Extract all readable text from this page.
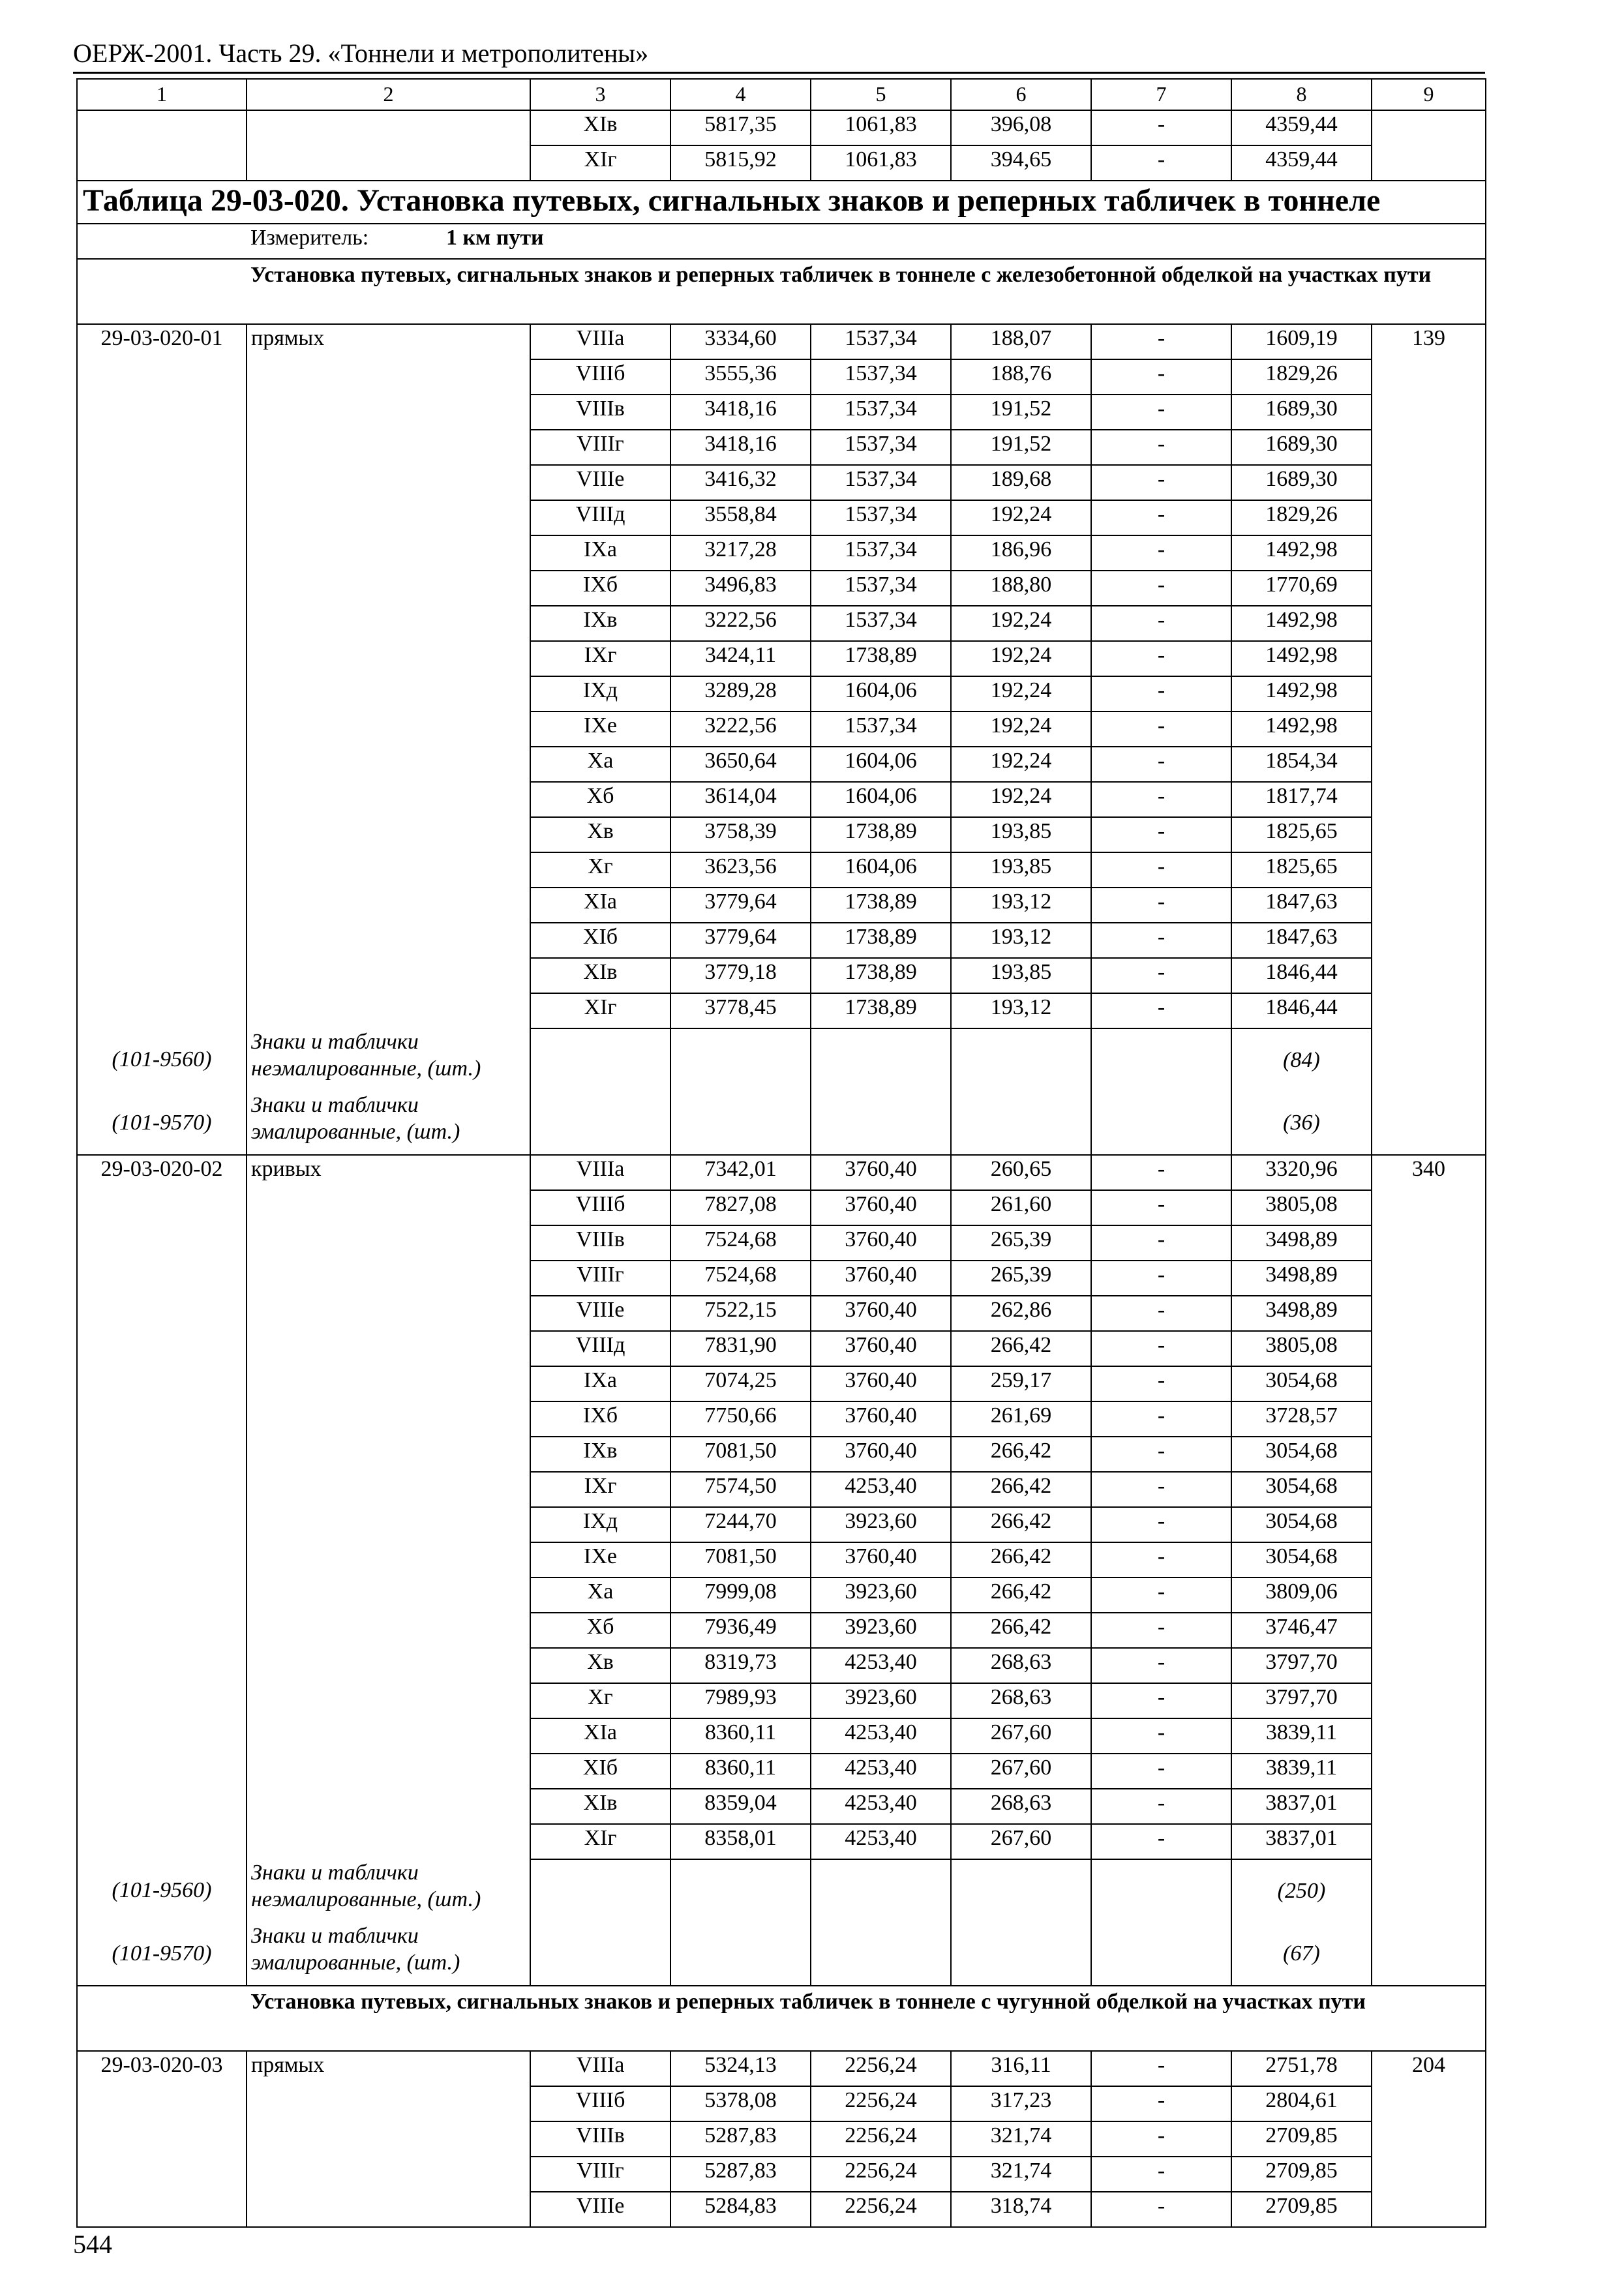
ОЕРЖ-2001. Часть 29. «Тоннели и метрополитены»
1	2	3	4	5	6	7	8	9
		XIв	5817,35	1061,83	396,08	-	4359,44	
		XIг	5815,92	1061,83	394,65	-	4359,44	
Таблица 29-03-020. Установка путевых, сигнальных знаков и реперных табличек в тоннеле								
	Измеритель: 1 км пути							
	Установка путевых, сигнальных знаков и реперных табличек в тоннеле с железобетонной обделкой на участках пути							
29-03-020-01	прямых	VIIIа	3334,60	1537,34	188,07	-	1609,19	139
		VIIIб	3555,36	1537,34	188,76	-	1829,26	
		VIIIв	3418,16	1537,34	191,52	-	1689,30	
		VIIIг	3418,16	1537,34	191,52	-	1689,30	
		VIIIе	3416,32	1537,34	189,68	-	1689,30	
		VIIIд	3558,84	1537,34	192,24	-	1829,26	
		IXа	3217,28	1537,34	186,96	-	1492,98	
		IXб	3496,83	1537,34	188,80	-	1770,69	
		IXв	3222,56	1537,34	192,24	-	1492,98	
		IXг	3424,11	1738,89	192,24	-	1492,98	
		IXд	3289,28	1604,06	192,24	-	1492,98	
		IXе	3222,56	1537,34	192,24	-	1492,98	
		Xа	3650,64	1604,06	192,24	-	1854,34	
		Xб	3614,04	1604,06	192,24	-	1817,74	
		Xв	3758,39	1738,89	193,85	-	1825,65	
		Xг	3623,56	1604,06	193,85	-	1825,65	
		XIа	3779,64	1738,89	193,12	-	1847,63	
		XIб	3779,64	1738,89	193,12	-	1847,63	
		XIв	3779,18	1738,89	193,85	-	1846,44	
		XIг	3778,45	1738,89	193,12	-	1846,44	
(101-9560)	Знаки и таблички неэмалированные, (шт.)						(84)	
(101-9570)	Знаки и таблички эмалированные, (шт.)						(36)	
29-03-020-02	кривых	VIIIа	7342,01	3760,40	260,65	-	3320,96	340
		VIIIб	7827,08	3760,40	261,60	-	3805,08	
		VIIIв	7524,68	3760,40	265,39	-	3498,89	
		VIIIг	7524,68	3760,40	265,39	-	3498,89	
		VIIIе	7522,15	3760,40	262,86	-	3498,89	
		VIIIд	7831,90	3760,40	266,42	-	3805,08	
		IXа	7074,25	3760,40	259,17	-	3054,68	
		IXб	7750,66	3760,40	261,69	-	3728,57	
		IXв	7081,50	3760,40	266,42	-	3054,68	
		IXг	7574,50	4253,40	266,42	-	3054,68	
		IXд	7244,70	3923,60	266,42	-	3054,68	
		IXе	7081,50	3760,40	266,42	-	3054,68	
		Xа	7999,08	3923,60	266,42	-	3809,06	
		Xб	7936,49	3923,60	266,42	-	3746,47	
		Xв	8319,73	4253,40	268,63	-	3797,70	
		Xг	7989,93	3923,60	268,63	-	3797,70	
		XIа	8360,11	4253,40	267,60	-	3839,11	
		XIб	8360,11	4253,40	267,60	-	3839,11	
		XIв	8359,04	4253,40	268,63	-	3837,01	
		XIг	8358,01	4253,40	267,60	-	3837,01	
(101-9560)	Знаки и таблички неэмалированные, (шт.)						(250)	
(101-9570)	Знаки и таблички эмалированные, (шт.)						(67)	
	Установка путевых, сигнальных знаков и реперных табличек в тоннеле с чугунной обделкой на участках пути							
29-03-020-03	прямых	VIIIа	5324,13	2256,24	316,11	-	2751,78	204
		VIIIб	5378,08	2256,24	317,23	-	2804,61	
		VIIIв	5287,83	2256,24	321,74	-	2709,85	
		VIIIг	5287,83	2256,24	321,74	-	2709,85	
		VIIIе	5284,83	2256,24	318,74	-	2709,85	
544
